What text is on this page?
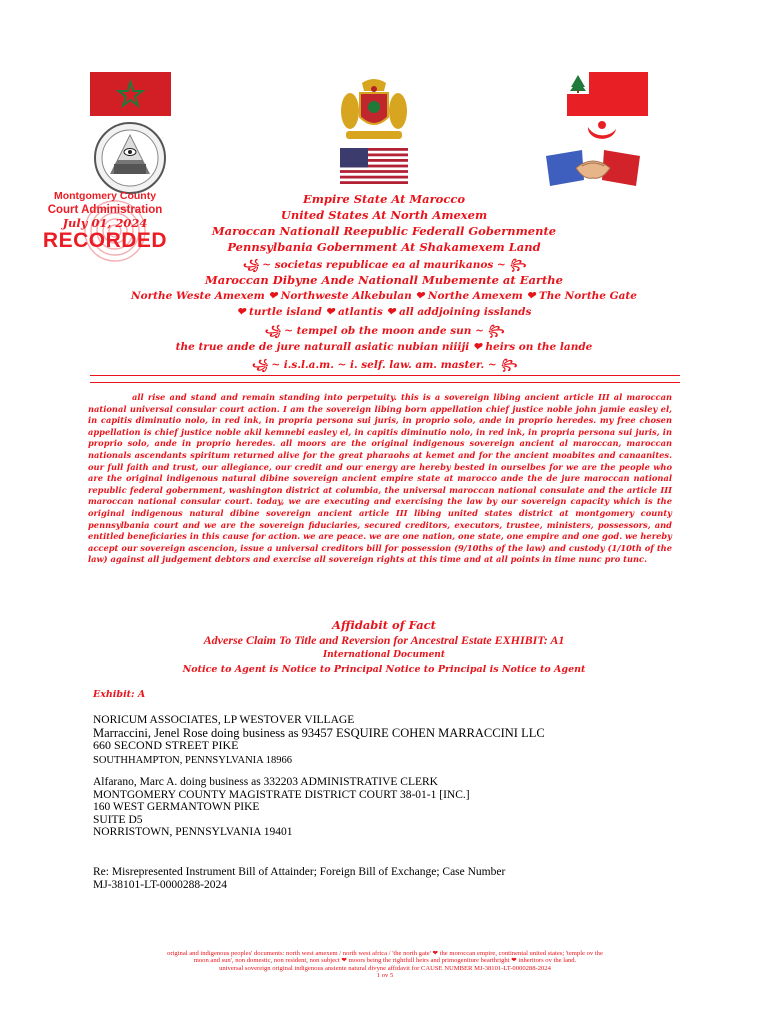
Montgomery County
Court Administration
July 01, 2024
RECORDED
Empire State At Marocco
United States At North Amexem
Maroccan Nationall Reepublic Federall Gobernmente
Pennsylbania Gobernment At Shakamexem Land
꧁ ~ societas republicae ea al maurikanos ~ ꧂
Maroccan Dibyne Ande Nationall Mubemente at Earthe
Northe Weste Amexem ❤ Northweste Alkebulan ❤ Northe Amexem ❤ The Northe Gate
❤ turtle island ❤ atlantis ❤ all addjoining isslands
꧁ ~ tempel ob the moon ande sun ~ ꧂
the true ande de jure naturall asiatic nubian niiiji ❤ heirs on the lande
꧁ ~ i.s.l.a.m. ~ i. self. law. am. master. ~ ꧂
all rise and stand and remain standing into perpetuity. this is a sovereign libing ancient article III al maroccan national universal consular court action. I am the sovereign libing born appellation chief justice noble john jamie easley el, in capitis diminutio nolo, in red ink, in propria persona sui juris, in proprio solo, ande in proprio heredes. my free chosen appellation is chief justice noble akil kemnebi easley el, in capitis diminutio nolo, in red ink, in propria persona sui juris, in proprio solo, ande in proprio heredes. all moors are the original indigenous sovereign ancient al maroccan, maroccan nationals ascendants spiritum returned alive for the great pharaohs at kemet and for the ancient moabites and canaanites. our full faith and trust, our allegiance, our credit and our energy are hereby bested in ourselbes for we are the people who are the original indigenous natural dibine sovereign ancient empire state at marocco ande the de jure maroccan national republic federal gobernment, washington district at columbia, the universal maroccan national consulate and the article III maroccan national consular court. today, we are executing and exercising the law by our sovereign capacity which is the original indigenous natural dibine sovereign ancient article III libing united states district at montgomery county pennsylbania court and we are the sovereign fiduciaries, secured creditors, executors, trustee, ministers, possessors, and entitled beneficiaries in this cause for action. we are peace. we are one nation, one state, one empire and one god. we hereby accept our sovereign ascencion, issue a universal creditors bill for possession (9/10ths of the law) and custody (1/10th of the law) against all judgement debtors and exercise all sovereign rights at this time and at all points in time nunc pro tunc.
Affidabit of Fact
Adverse Claim To Title and Reversion for Ancestral Estate EXHIBIT: A1
International Document
Notice to Agent is Notice to Principal Notice to Principal is Notice to Agent
Exhibit: A
NORICUM ASSOCIATES, LP WESTOVER VILLAGE
Marraccini, Jenel Rose doing business as 93457 ESQUIRE COHEN MARRACCINI LLC
660 SECOND STREET PIKE
SOUTHHAMPTON, PENNSYLVANIA 18966
Alfarano, Marc A. doing business as 332203 ADMINISTRATIVE CLERK
MONTGOMERY COUNTY MAGISTRATE DISTRICT COURT 38-01-1 [INC.]
160 WEST GERMANTOWN PIKE
SUITE D5
NORRISTOWN, PENNSYLVANIA 19401
Re: Misrepresented Instrument Bill of Attainder; Foreign Bill of Exchange; Case Number
MJ-38101-LT-0000288-2024
original and indigenous peoples' documents: north west amexem / north west africa / 'the north gate' ❤ the moroccan empire, continental united states; 'temple ov the
moon and sun', non domestic, non resident, non subject ❤ moors being the rightfull heirs and primogeniture bearthright ❤ inheritors ov the land.
universal sovereign original indigenous ansiente natural divyne affidavit for CAUSE NUMBER MJ-38101-LT-0000288-2024
1 ov 5
